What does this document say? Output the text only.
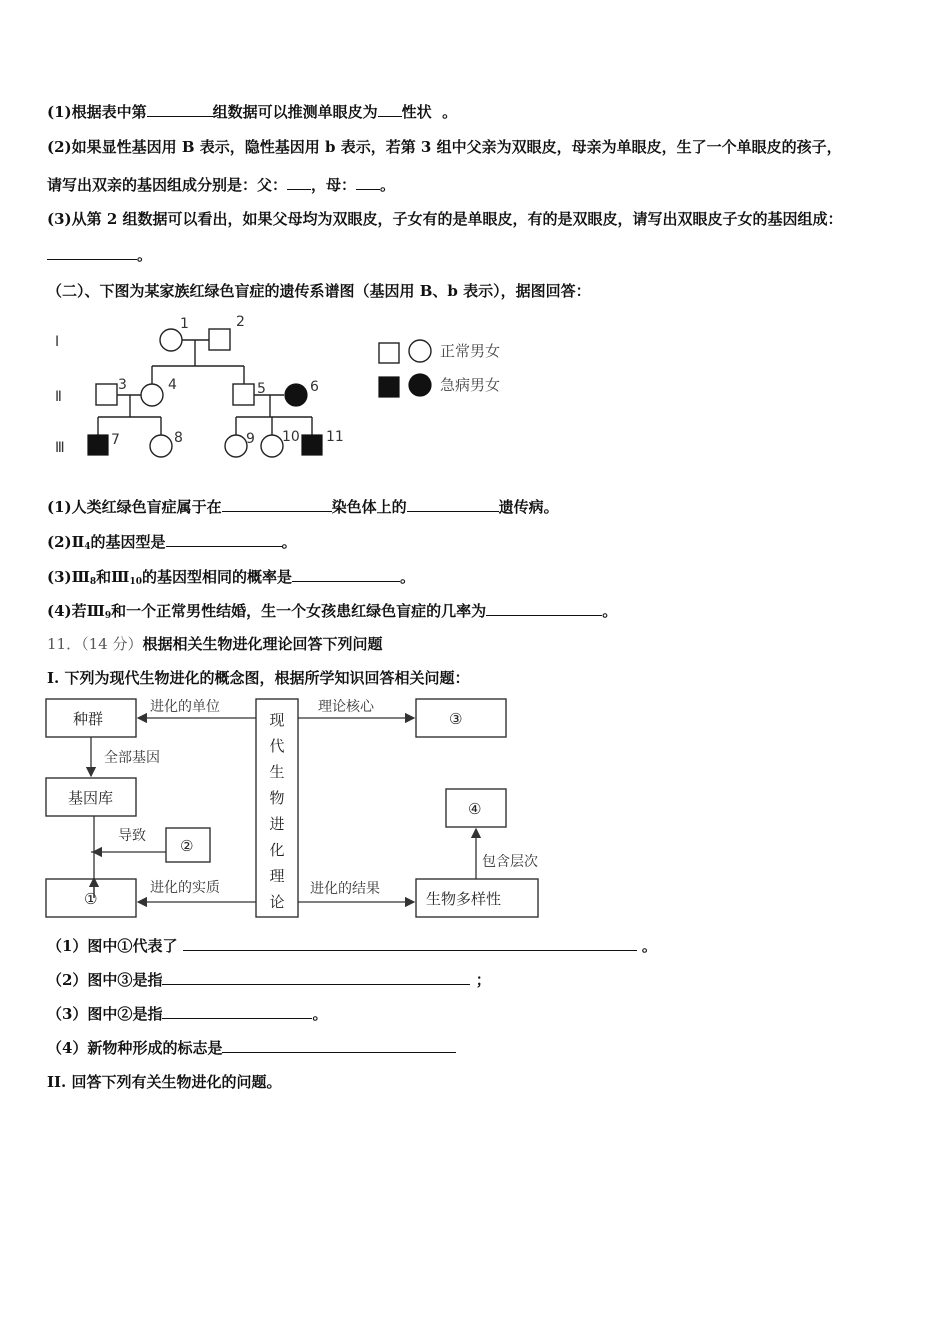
(1)根据表中第	组数据可以推测单眼皮为 性状 。
(2)如果显性基因用 B 表示，隐性基因用 b 表示，若第 3 组中父亲为双眼皮，母亲为单眼皮，生了一个单眼皮的孩子，
请写出双亲的基因组成分别是：父： ，母： 。
(3)从第 2 组数据可以看出，如果父母均为双眼皮，子女有的是单眼皮，有的是双眼皮，请写出双眼皮子女的基因组成：
。
（二）、下图为某家族红绿色盲症的遗传系谱图（基因用 B、b 表示），据图回答：
Ⅰ
Ⅱ
Ⅲ
1	2
3	4	5	6
7	8	9 10 11
正常男女
急病男女
(1)人类红绿色盲症属于在	染色体上的	遗传病。
$(2)Ⅱ_4$的基因型是	。
$(3)Ⅲ_8$和$Ⅲ_{10}$的基因型相同的概率是	。
(4)若$Ⅲ_9$和一个正常男性结婚，生一个女孩患红绿色盲症的几率为	。
11．（14 分）根据相关生物进化理论回答下列问题
I. 下列为现代生物进化的概念图，根据所学知识回答相关问题：
种群
基因库
①
②
③
④
生物多样性
现
代
生
物
进
化
理
论
进化的单位
全部基因
导致
进化的实质
理论核心
进化的结果
包含层次
（1）图中①代表了	。
（2）图中③是指	；
（3）图中②是指	。
（4）新物种形成的标志是
II. 回答下列有关生物进化的问题。
